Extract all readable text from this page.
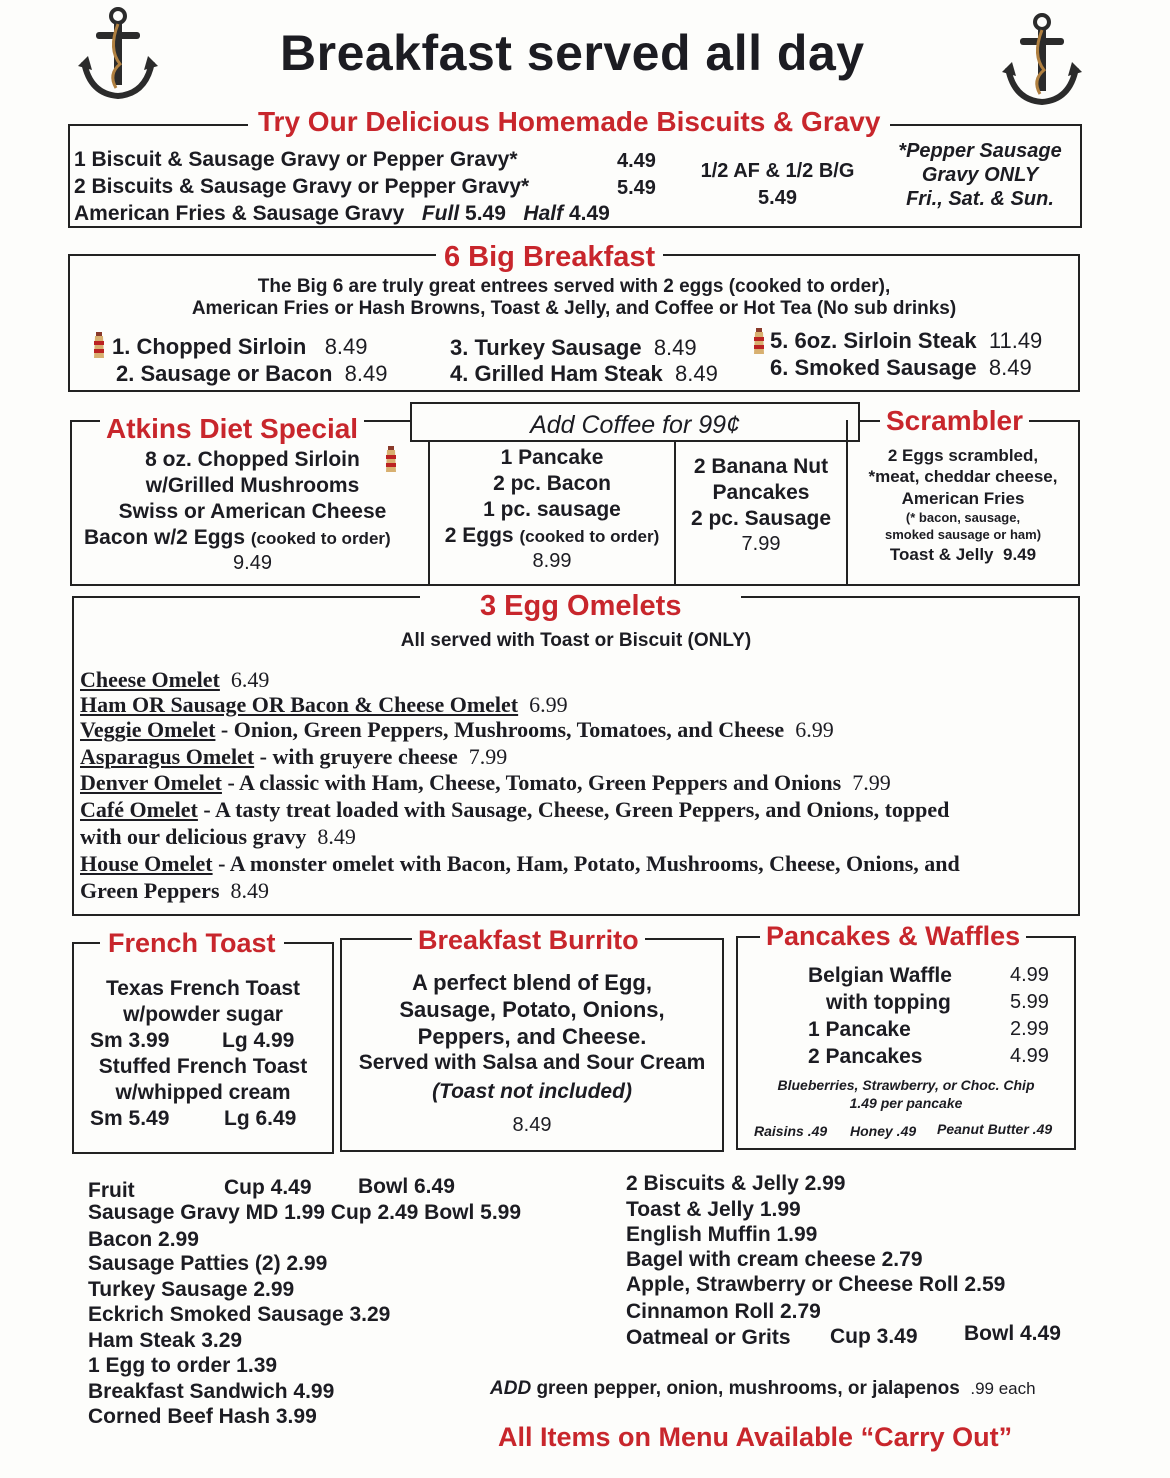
Breakfast served all day
Try Our Delicious Homemade Biscuits & Gravy
1 Biscuit & Sausage Gravy or Pepper Gravy*	4.49
2 Biscuits & Sausage Gravy or Pepper Gravy*	5.49
American Fries & Sausage Gravy Full 5.49 Half 4.49
1/2 AF & 1/2 B/G
5.49
*Pepper Sausage
Gravy ONLY
Fri., Sat. & Sun.
6 Big Breakfast
The Big 6 are truly great entrees served with 2 eggs (cooked to order),
American Fries or Hash Browns, Toast & Jelly, and Coffee or Hot Tea (No sub drinks)
1. Chopped Sirloin 8.49
2. Sausage or Bacon 8.49
3. Turkey Sausage 8.49
4. Grilled Ham Steak 8.49
5. 6oz. Sirloin Steak 11.49
6. Smoked Sausage 8.49
Add Coffee for 99¢
Atkins Diet Special
8 oz. Chopped Sirloin
w/Grilled Mushrooms
Swiss or American Cheese
Bacon w/2 Eggs (cooked to order)
9.49
1 Pancake
2 pc. Bacon
1 pc. sausage
2 Eggs (cooked to order)
8.99
2 Banana Nut
Pancakes
2 pc. Sausage
7.99
Scrambler
2 Eggs scrambled,
*meat, cheddar cheese,
American Fries
(* bacon, sausage,
smoked sausage or ham)
Toast & Jelly 9.49
3 Egg Omelets
All served with Toast or Biscuit (ONLY)
Cheese Omelet 6.49
Ham OR Sausage OR Bacon & Cheese Omelet 6.99
Veggie Omelet - Onion, Green Peppers, Mushrooms, Tomatoes, and Cheese 6.99
Asparagus Omelet - with gruyere cheese 7.99
Denver Omelet - A classic with Ham, Cheese, Tomato, Green Peppers and Onions 7.99
Café Omelet - A tasty treat loaded with Sausage, Cheese, Green Peppers, and Onions, topped
with our delicious gravy 8.49
House Omelet - A monster omelet with Bacon, Ham, Potato, Mushrooms, Cheese, Onions, and
Green Peppers 8.49
French Toast
Texas French Toast
w/powder sugar
Sm 3.99	Lg 4.99
Stuffed French Toast
w/whipped cream
Sm 5.49	Lg 6.49
Breakfast Burrito
A perfect blend of Egg,
Sausage, Potato, Onions,
Peppers, and Cheese.
Served with Salsa and Sour Cream
(Toast not included)
8.49
Pancakes & Waffles
Belgian Waffle	4.99
with topping	5.99
1 Pancake	2.99
2 Pancakes	4.99
Blueberries, Strawberry, or Choc. Chip
1.49 per pancake
Raisins .49 Honey .49 Peanut Butter .49
Fruit	Cup 4.49 Bowl 6.49
Sausage Gravy MD 1.99 Cup 2.49 Bowl 5.99
Bacon 2.99
Sausage Patties (2) 2.99
Turkey Sausage 2.99
Eckrich Smoked Sausage 3.29
Ham Steak 3.29
1 Egg to order 1.39
Breakfast Sandwich 4.99
Corned Beef Hash 3.99
2 Biscuits & Jelly 2.99
Toast & Jelly 1.99
English Muffin 1.99
Bagel with cream cheese 2.79
Apple, Strawberry or Cheese Roll 2.59
Cinnamon Roll 2.79
Oatmeal or Grits Cup 3.49 Bowl 4.49
ADD green pepper, onion, mushrooms, or jalapenos .99 each
All Items on Menu Available “Carry Out”
